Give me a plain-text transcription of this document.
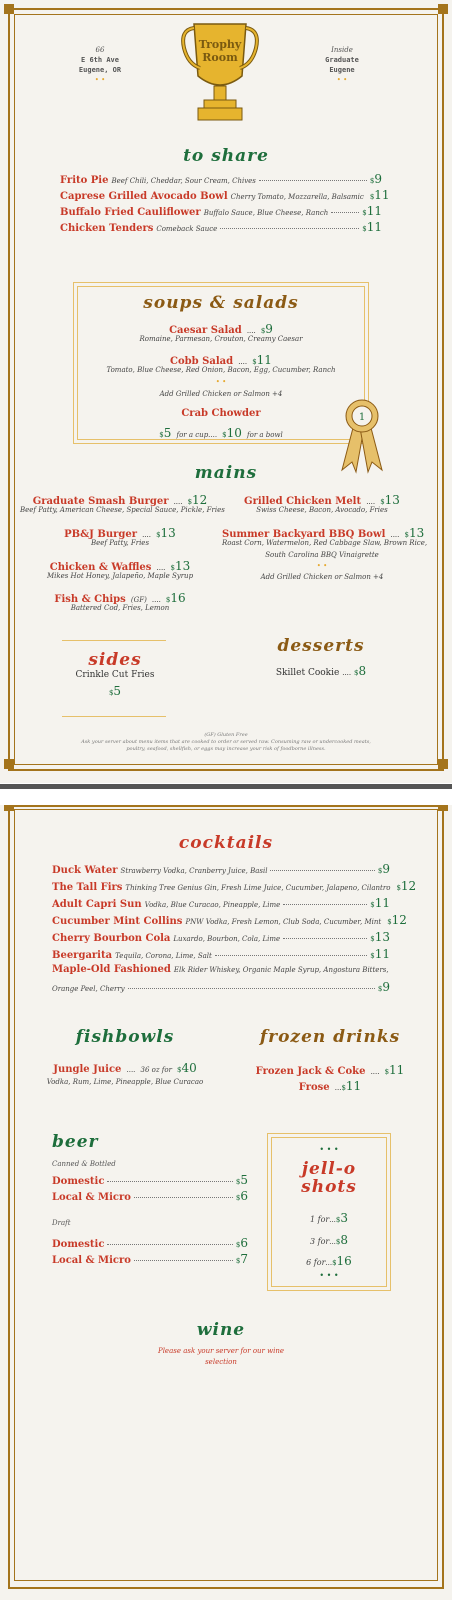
66
E 6th Ave
Eugene, OR
• •
Inside
Graduate
Eugene
• •
Trophy Room
to share
Frito Pie Beef Chili, Cheddar, Sour Cream, Chives	$9
Caprese Grilled Avocado Bowl Cherry Tomato, Mozzarella, Balsamic $11
Buffalo Fried Cauliflower Buffalo Sauce, Blue Cheese, Ranch	$11
Chicken Tenders Comeback Sauce	$11
soups & salads
Caesar Salad .... $9
Romaine, Parmesan, Crouton, Creamy Caesar
Cobb Salad .... $11
Tomato, Blue Cheese, Red Onion, Bacon, Egg, Cucumber, Ranch
• •
Add Grilled Chicken or Salmon +4
Crab Chowder
$5 for a cup.... $10 for a bowl
1
mains
Graduate Smash Burger .... $12
Beef Patty, American Cheese, Special Sauce, Pickle, Fries
PB&J Burger .... $13
Beef Patty, Fries
Chicken & Waffles .... $13
Mikes Hot Honey, Jalapeño, Maple Syrup
Fish & Chips (GF) .... $16
Battered Cod, Fries, Lemon
Grilled Chicken Melt .... $13
Swiss Cheese, Bacon, Avocado, Fries
Summer Backyard BBQ Bowl .... $13
Roast Corn, Watermelon, Red Cabbage Slaw, Brown Rice,
South Carolina BBQ Vinaigrette
• •
Add Grilled Chicken or Salmon +4
sides
Crinkle Cut Fries
$5
desserts
Skillet Cookie .... $8
(GF) Gluten Free
Ask your server about menu items that are cooked to order or served raw. Consuming raw or undercooked meats,
poultry, seafood, shellfish, or eggs may increase your risk of foodborne illness.
cocktails
Duck Water Strawberry Vodka, Cranberry Juice, Basil	$9
The Tall Firs Thinking Tree Genius Gin, Fresh Lime Juice, Cucumber, Jalapeno, Cilantro $12
Adult Capri Sun Vodka, Blue Curacao, Pineapple, Lime	$11
Cucumber Mint Collins PNW Vodka, Fresh Lemon, Club Soda, Cucumber, Mint $12
Cherry Bourbon Cola Luxardo, Bourbon, Cola, Lime	$13
Beergarita Tequila, Corona, Lime, Salt	$11
Maple-Old Fashioned Elk Rider Whiskey, Organic Maple Syrup, Angostura Bitters,
Orange Peel, Cherry	$9
fishbowls
Jungle Juice .... 36 oz for $40
Vodka, Rum, Lime, Pineapple, Blue Curacao
frozen drinks
Frozen Jack & Coke .... $11
Frose ...$11
beer
Canned & Bottled
Domestic	$5
Local & Micro	$6
Draft
Domestic	$6
Local & Micro	$7
• • •
jell-o
shots
1 for...$3
3 for...$8
6 for...$16
• • •
wine
Please ask your server for our wine
selection
